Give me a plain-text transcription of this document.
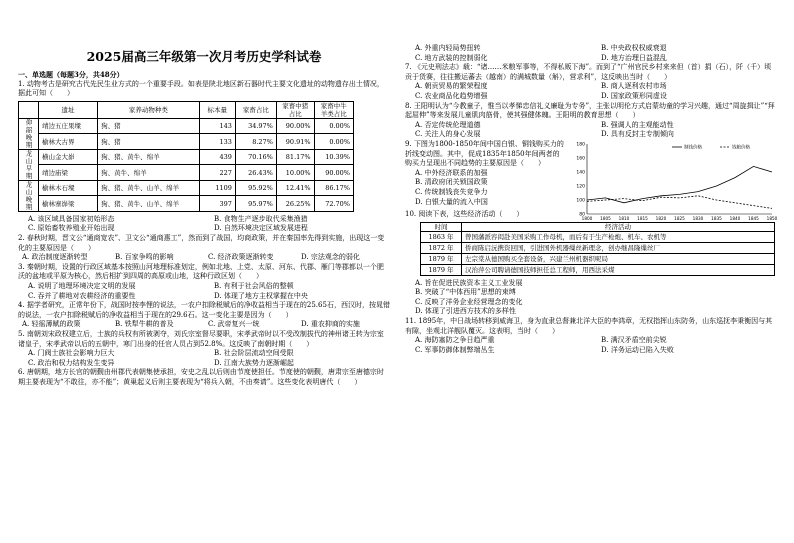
2025届高三年级第一次月考历史学科试卷
一、单选题（每题3分，共48分）
1. 动物考古是研究古代先民生业方式的一个重要手段。如表是陕北地区新石器时代主要文化遗址的动物遗存出土情况，据此可知（　　）
	遗址	家养动物种类	标本量	家畜占比	家畜中猪占比	家畜中牛羊类占比
仰韶晚期	靖边五庄果墚	狗、猪	143	34.97%	90.00%	0.00%
	榆林大古界	狗、猪	133	8.27%	90.91%	0.00%
龙山早期	横山金大峁	狗、猪、黄牛、绵羊	439	70.16%	81.17%	10.39%
	靖边庙梁	狗、黄牛、绵羊	227	26.43%	10.00%	90.00%
龙山晚期	榆林木石墚	狗、猪、黄牛、山羊、绵羊	1109	95.92%	12.41%	86.17%
	榆林寨峁梁	狗、猪、黄牛、山羊、绵羊	397	95.97%	26.25%	72.70%
A. 该区域具备国家初始形态	B. 食物生产逐步取代采集渔猎
C. 原始畜牧养殖业开始出现	D. 自然环境决定区域发展进程
2. 春秋时期，晋文公“通商宽农”、卫文公“通商惠工”，然而到了战国，均商政策，并在秦国率先得到实施，出现这一变化的主要原因是（　　）
A. 政治制度逐渐转型	B. 百家争鸣的影响	C. 经济政策逐渐转变	D. 宗法观念的弱化
3. 秦朝时期，设置的行政区域基本按照山河地理标准划定，例如北地、上党、太原、河东、代郡、雁门等郡都以一个肥沃的盆地或平原为核心，然后相扩到四周的高原或山地，这种行政区划（　　）
A. 说明了地理环境决定文明的发展	B. 有利于社会风俗的整顿
C. 吞并了耕地对农耕经济的重要性	D. 体现了地方主权掌握在中央
4. 据学者研究，正常年份下，战国时按李悝的说法，一农户扣除税赋后的净收益相当于现在的25.65石，西汉时，按晁错的说法，一农户扣除税赋后的净收益相当于现在的29.6石。这一变化主要是因为（　　）
A. 轻徭薄赋的政策	B. 铁犁牛耕的普及	C. 武帝复兴一统	D. 重农抑商的实施
5. 南朝刘宋政权建立后，士族的兵权有所被剥夺，刘氏宗室督尽要职，宋孝武帝时以不受改制拔代的神州诸王转为宗室诸皇子，宋孝武帝以后的五朝中，寒门出身的任官人员占到52.8%。这反映了南朝时期（　　）
A. 门阀士族社会影响力巨大	B. 社会阶层流动空间受限
C. 政治和权力结构发生变异	D. 江南大族势力逐渐崛起
6. 唐朝期，地方长官的朝觐由州郡代表朝集使承担，安史之乱以后则由节度使担任。节度使的朝觐，唐肃宗至唐德宗时期主要表现为“不敢往，亦不能”；黄巢起义后则主要表现为“将兵入朝，不由奏请”。这些变化表明唐代（　　）
A. 外重内轻局势扭转	B. 中央政权权威衰退
C. 地方武装的控制弱化	D. 地方治理日益混乱
7. 《元史刑法志》载：“诸……米粮军事等，不得私贩下海”。而到了“广州官民乡村来来但（首）捐（石），阡（千）顷贡于货赛，往往搬运蕃去（越南）的满城数量（斛），营求利”，这反映出当时（　　）
A. 朝贡贸易的繁荣程度	B. 商人逐利农村市场
C. 农业商品化趋势增强	D. 国家政策形同虚设
8. 王阳明认为“今教童子，惟当以孝悌忠信礼义廉耻为专务”，主张以明伦方式启蒙幼童的学习兴趣，通过“周旋揖让”“拜起屈伸”等来发展儿童肌肉筋骨，使其强健体魄。王阳明的教育思想（　　）
A. 否定传统伦理道德	B. 强调人的主观能动性
C. 关注人的身心发展	D. 具有反封主专制倾向
9. 下图为1800-1850年间中国白银、铜钱购买力的折线变动图。其中，促成1835年1850年间两者的购买力呈现出不同趋势的主要原因是（　　）
A. 中外经济联系的加强
B. 清政府闭关锁国政策
C. 传统制钱丧失竞争力
D. 白银大量的流入中国
80
100
120
140
160
180
1800 1805 1810 1815 1820 1825 1830 1835 1840 1845 1850
制钱价格	钱粮价格
10. 阅读下表，这些经济活动（　　）
时间	经济活动
1863 年	曾国藩派容闳赴美国采购工作母机，而后有于生产枪炮、机车、农机等
1872 年	侨商陈启沅携资回国，引进国外机器缫丝新理念，创办继昌隆缫丝厂
1879 年	左宗棠从德国购买全套设备，兴建兰州机器织呢局
1879 年	汉治萍公司聘请德国技师担任总工程师，用西法采煤
A. 旨在促进民族资本主义工业发展
B. 突破了“中体西用”思想的束缚
C. 反映了洋务企业经营理念的变化
D. 体现了引进西方技术的多样性
11. 1895年，中日战场转移到威海卫，身为直隶总督兼北洋大臣的李鸿章，无权指挥山东防务，山东巡抚李秉衡因与其有隙，坐观北洋舰队覆灭。这表明，当时（　　）
A. 海防塞防之争日趋严重	B. 满汉矛盾空前尖锐
C. 军事防御体制弊端丛生	D. 洋务运动已陷入失败
